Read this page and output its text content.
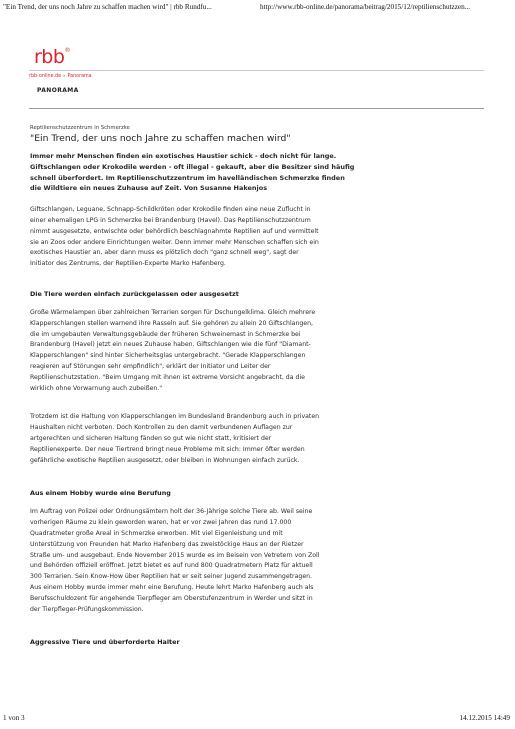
"Ein Trend, der uns noch Jahre zu schaffen machen wird" | rbb Rundfu...	http://www.rbb-online.de/panorama/beitrag/2015/12/reptilienschutzzen...
rbb®
rbb-online.de » Panorama
PANORAMA

Reptilienschutzzentrum in Schmerzke

"Ein Trend, der uns noch Jahre zu schaffen machen wird"
Immer mehr Menschen finden ein exotisches Haustier schick - doch nicht für lange.
Giftschlangen oder Krokodile werden - oft illegal - gekauft, aber die Besitzer sind häufig
schnell überfordert. Im Reptilienschutzzentrum im havelländischen Schmerzke finden
die Wildtiere ein neues Zuhause auf Zeit. Von Susanne Hakenjos
Giftschlangen, Leguane, Schnapp-Schildkröten oder Krokodile finden eine neue Zuflucht in
einer ehemaligen LPG in Schmerzke bei Brandenburg (Havel). Das Reptilienschutzzentrum
nimmt ausgesetzte, entwischte oder behördlich beschlagnahmte Reptilien auf und vermittelt
sie an Zoos oder andere Einrichtungen weiter. Denn immer mehr Menschen schaffen sich ein
exotisches Haustier an, aber dann muss es plötzlich doch "ganz schnell weg", sagt der
Initiator des Zentrums, der Reptilien-Experte Marko Hafenberg.
Die Tiere werden einfach zurückgelassen oder ausgesetzt
Große Wärmelampen über zahlreichen Terrarien sorgen für Dschungelklima. Gleich mehrere
Klapperschlangen stellen warnend ihre Rasseln auf. Sie gehören zu allein 20 Giftschlangen,
die im umgebauten Verwaltungsgebäude der früheren Schweinemast in Schmerzke bei
Brandenburg (Havel) jetzt ein neues Zuhause haben. Giftschlangen wie die fünf "Diamant-
Klapperschlangen" sind hinter Sicherheitsglas untergebracht. "Gerade Klapperschlangen
reagieren auf Störungen sehr empfindlich", erklärt der Initiator und Leiter der
Reptilienschutzstation. "Beim Umgang mit ihnen ist extreme Vorsicht angebracht, da die
wirklich ohne Vorwarnung auch zubeißen."
Trotzdem ist die Haltung von Klapperschlangen im Bundesland Brandenburg auch in privaten
Haushalten nicht verboten. Doch Kontrollen zu den damit verbundenen Auflagen zur
artgerechten und sicheren Haltung fänden so gut wie nicht statt, kritisiert der
Reptilienexperte. Der neue Tiertrend bringt neue Probleme mit sich: Immer öfter werden
gefährliche exotische Reptilien ausgesetzt, oder bleiben in Wohnungen einfach zurück.
Aus einem Hobby wurde eine Berufung
Im Auftrag von Polizei oder Ordnungsämtern holt der 36-Jährige solche Tiere ab. Weil seine
vorherigen Räume zu klein geworden waren, hat er vor zwei Jahren das rund 17.000
Quadratmeter große Areal in Schmerzke erworben. Mit viel Eigenleistung und mit
Unterstützung von Freunden hat Marko Hafenberg das zweistöckige Haus an der Rietzer
Straße um- und ausgebaut. Ende November 2015 wurde es im Beisein von Vetretern von Zoll
und Behörden offiziell eröffnet. Jetzt bietet es auf rund 800 Quadratmetern Platz für aktuell
300 Terrarien. Sein Know-How über Reptilien hat er seit seiner Jugend zusammengetragen.
Aus einem Hobby wurde immer mehr eine Berufung. Heute lehrt Marko Hafenberg auch als
Berufsschuldozent für angehende Tierpfleger am Oberstufenzentrum in Werder und sitzt in
der Tierpfleger-Prüfungskommission.
Aggressive Tiere und überforderte Halter
1 von 3	14.12.2015 14:49
